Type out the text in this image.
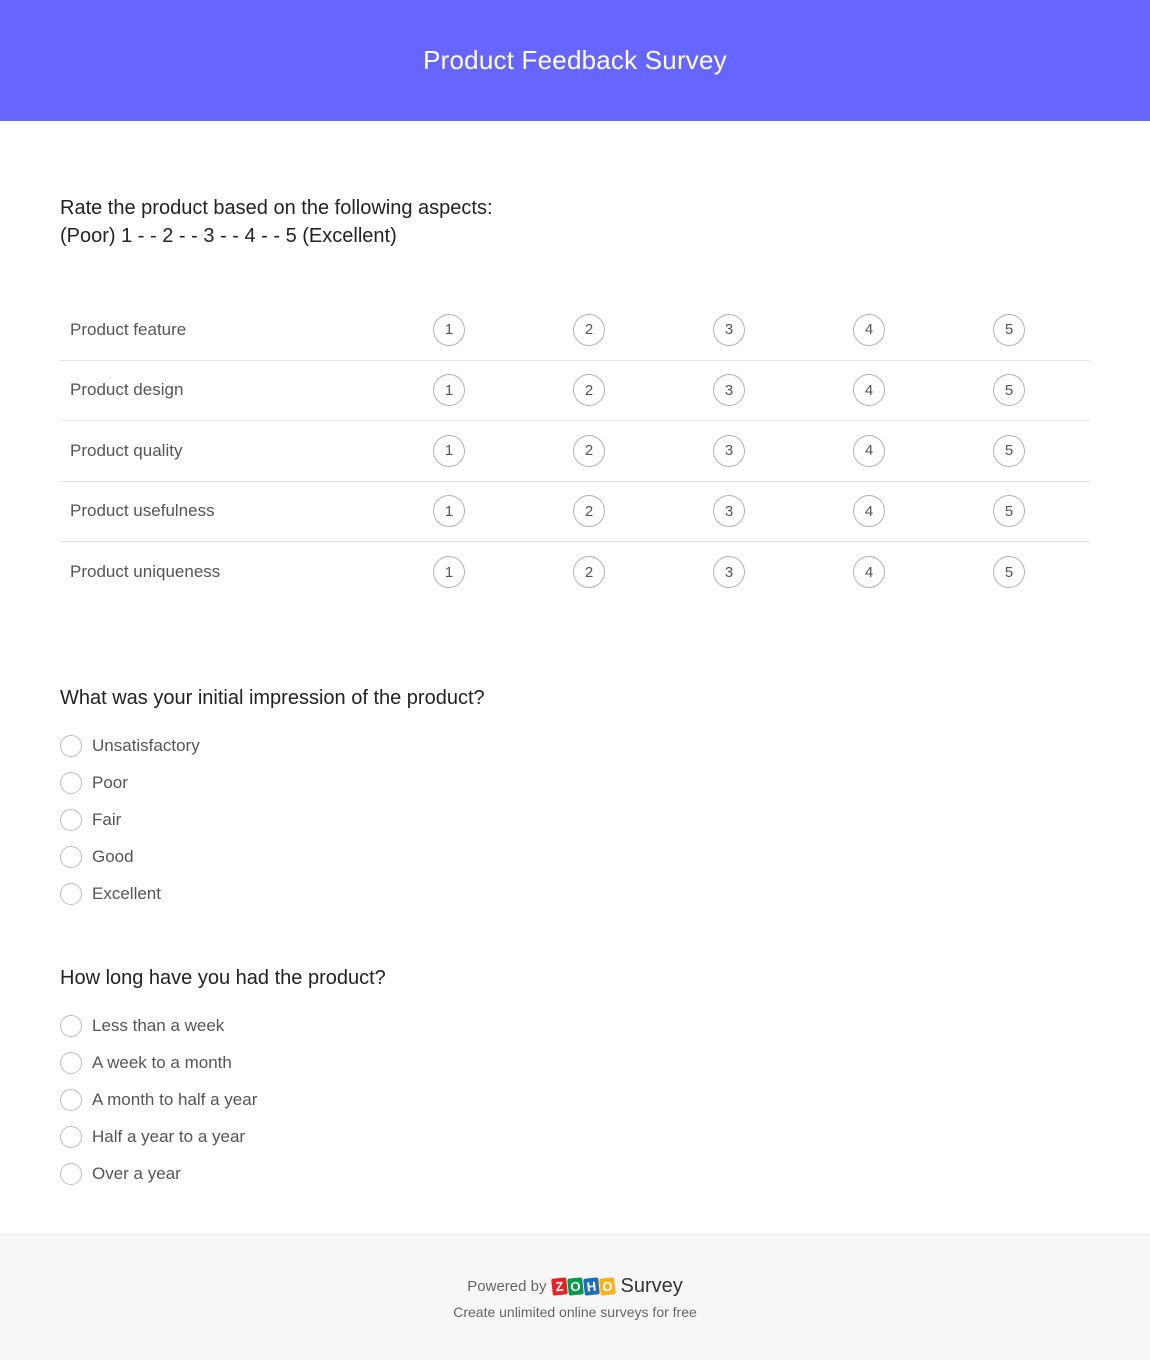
Product Feedback Survey
Rate the product based on the following aspects:
(Poor) 1 - - 2 - - 3 - - 4 - - 5 (Excellent)
Product feature	1	2	3	4	5
Product design	1	2	3	4	5
Product quality	1	2	3	4	5
Product usefulness	1	2	3	4	5
Product uniqueness	1	2	3	4	5
What was your initial impression of the product?
Unsatisfactory
Poor
Fair
Good
Excellent
How long have you had the product?
Less than a week
A week to a month
A month to half a year
Half a year to a year
Over a year
Powered by Z O H O Survey
Create unlimited online surveys for free
